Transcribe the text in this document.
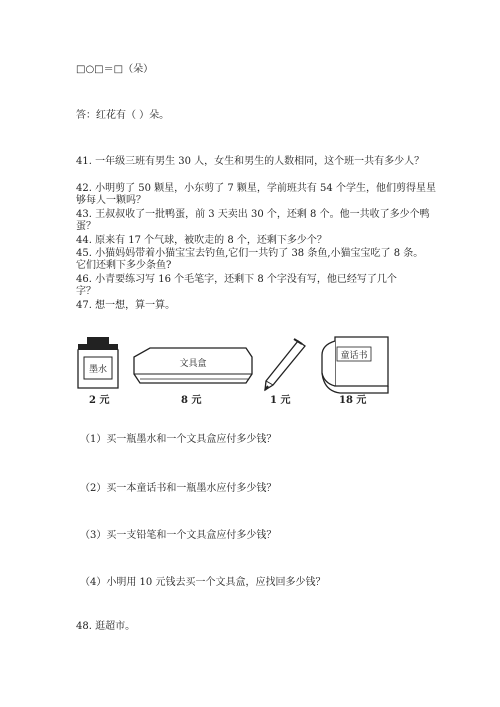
□○□＝□（朵）
答：红花有（ ）朵。
41. 一年级三班有男生 30 人，女生和男生的人数相同，这个班一共有多少人？
42. 小明剪了 50 颗星，小东剪了 7 颗星，学前班共有 54 个学生，他们剪得星星
够每人一颗吗？
43. 王叔叔收了一批鸭蛋，前 3 天卖出 30 个，还剩 8 个。他一共收了多少个鸭
蛋？
44. 原来有 17 个气球，被吹走的 8 个，还剩下多少个？
45. 小猫妈妈带着小猫宝宝去钓鱼,它们一共钓了 38 条鱼,小猫宝宝吃了 8 条。
它们还剩下多少条鱼?
46. 小青要练习写 16 个毛笔字，还剩下 8 个字没有写，他已经写了几个
字？
47. 想一想，算一算。
墨水
文具盒
童话书
2 元	8 元	1 元	18 元
（1）买一瓶墨水和一个文具盒应付多少钱？
（2）买一本童话书和一瓶墨水应付多少钱？
（3）买一支铅笔和一个文具盒应付多少钱？
（4）小明用 10 元钱去买一个文具盒，应找回多少钱？
48. 逛超市。
